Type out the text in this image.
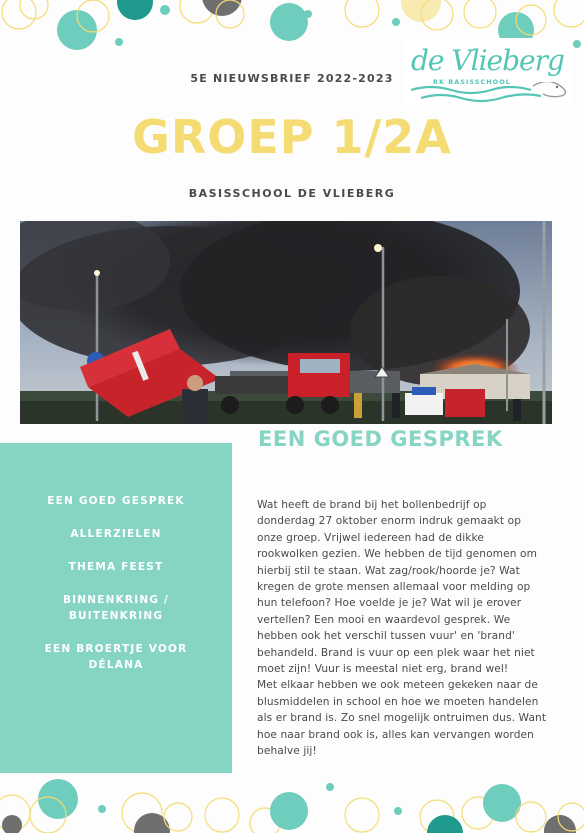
de Vlieberg
RK BASISSCHOOL
5E NIEUWSBRIEF 2022-2023
GROEP 1/2A
BASISSCHOOL DE VLIEBERG
EEN GOED GESPREK
ALLERZIELEN
THEMA FEEST
BINNENKRING /
BUITENKRING
EEN BROERTJE VOOR
DÉLANA
EEN GOED GESPREK

Wat heeft de brand bij het bollenbedrijf op donderdag 27 oktober enorm indruk gemaakt op onze groep. Vrijwel iedereen had de dikke rookwolken gezien. We hebben de tijd genomen om hierbij stil te staan. Wat zag/rook/hoorde je? Wat kregen de grote mensen allemaal voor melding op hun telefoon? Hoe voelde je je? Wat wil je erover vertellen? Een mooi en waardevol gesprek. We hebben ook het verschil tussen vuur' en 'brand' behandeld. Brand is vuur op een plek waar het niet moet zijn! Vuur is meestal niet erg, brand wel!

Met elkaar hebben we ook meteen gekeken naar de blusmiddelen in school en hoe we moeten handelen als er brand is. Zo snel mogelijk ontruimen dus. Want hoe naar brand ook is, alles kan vervangen worden behalve jij!
